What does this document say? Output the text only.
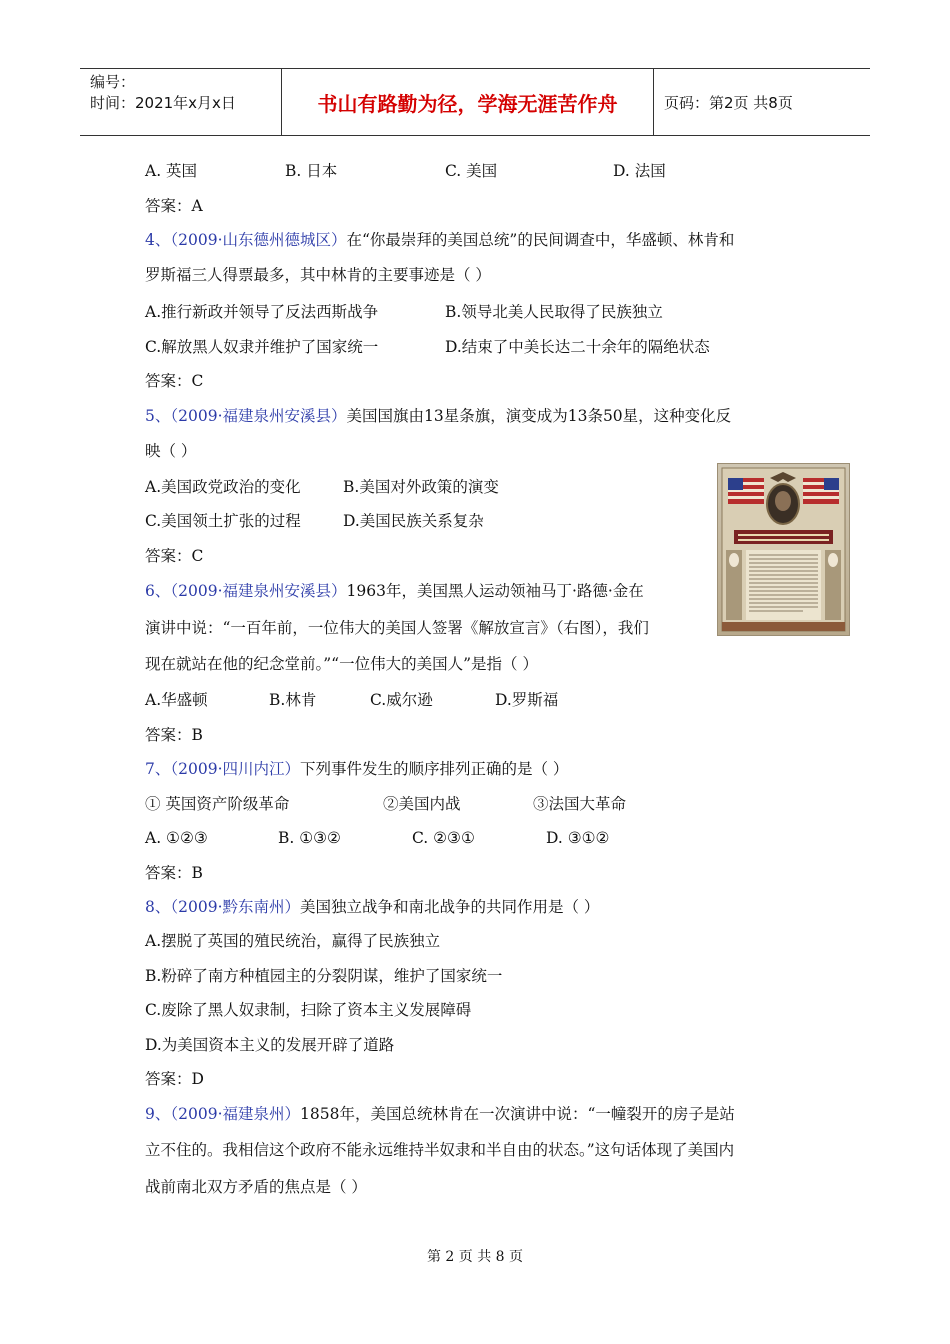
编号：
时间：2021年x月x日	书山有路勤为径，学海无涯苦作舟	页码：第2页 共8页
A. 英国	B. 日本	C. 美国	D. 法国
答案：A
4、（2009·山东德州德城区）在“你最崇拜的美国总统”的民间调查中，华盛顿、林肯和
罗斯福三人得票最多，其中林肯的主要事迹是（ ）
A.推行新政并领导了反法西斯战争	B.领导北美人民取得了民族独立
C.解放黑人奴隶并维护了国家统一	D.结束了中美长达二十余年的隔绝状态
答案：C
5、（2009·福建泉州安溪县）美国国旗由13星条旗，演变成为13条50星，这种变化反
映（ ）
A.美国政党政治的变化	B.美国对外政策的演变
C.美国领土扩张的过程	D.美国民族关系复杂
答案：C
6、（2009·福建泉州安溪县）1963年，美国黑人运动领袖马丁·路德·金在
演讲中说：“一百年前，一位伟大的美国人签署《解放宣言》（右图），我们
现在就站在他的纪念堂前。”“一位伟大的美国人”是指（ ）
A.华盛顿	B.林肯	C.威尔逊	D.罗斯福
答案：B
7、（2009·四川内江）下列事件发生的顺序排列正确的是（ ）
① 英国资产阶级革命	②美国内战	③法国大革命
A. ①②③	B. ①③②	C. ②③①	D. ③①②
答案：B
8、（2009·黔东南州）美国独立战争和南北战争的共同作用是（ ）
A.摆脱了英国的殖民统治，赢得了民族独立
B.粉碎了南方种植园主的分裂阴谋，维护了国家统一
C.废除了黑人奴隶制，扫除了资本主义发展障碍
D.为美国资本主义的发展开辟了道路
答案：D
9、（2009·福建泉州）1858年，美国总统林肯在一次演讲中说：“一幢裂开的房子是站
立不住的。我相信这个政府不能永远维持半奴隶和半自由的状态。”这句话体现了美国内
战前南北双方矛盾的焦点是（ ）
第 2 页 共 8 页
